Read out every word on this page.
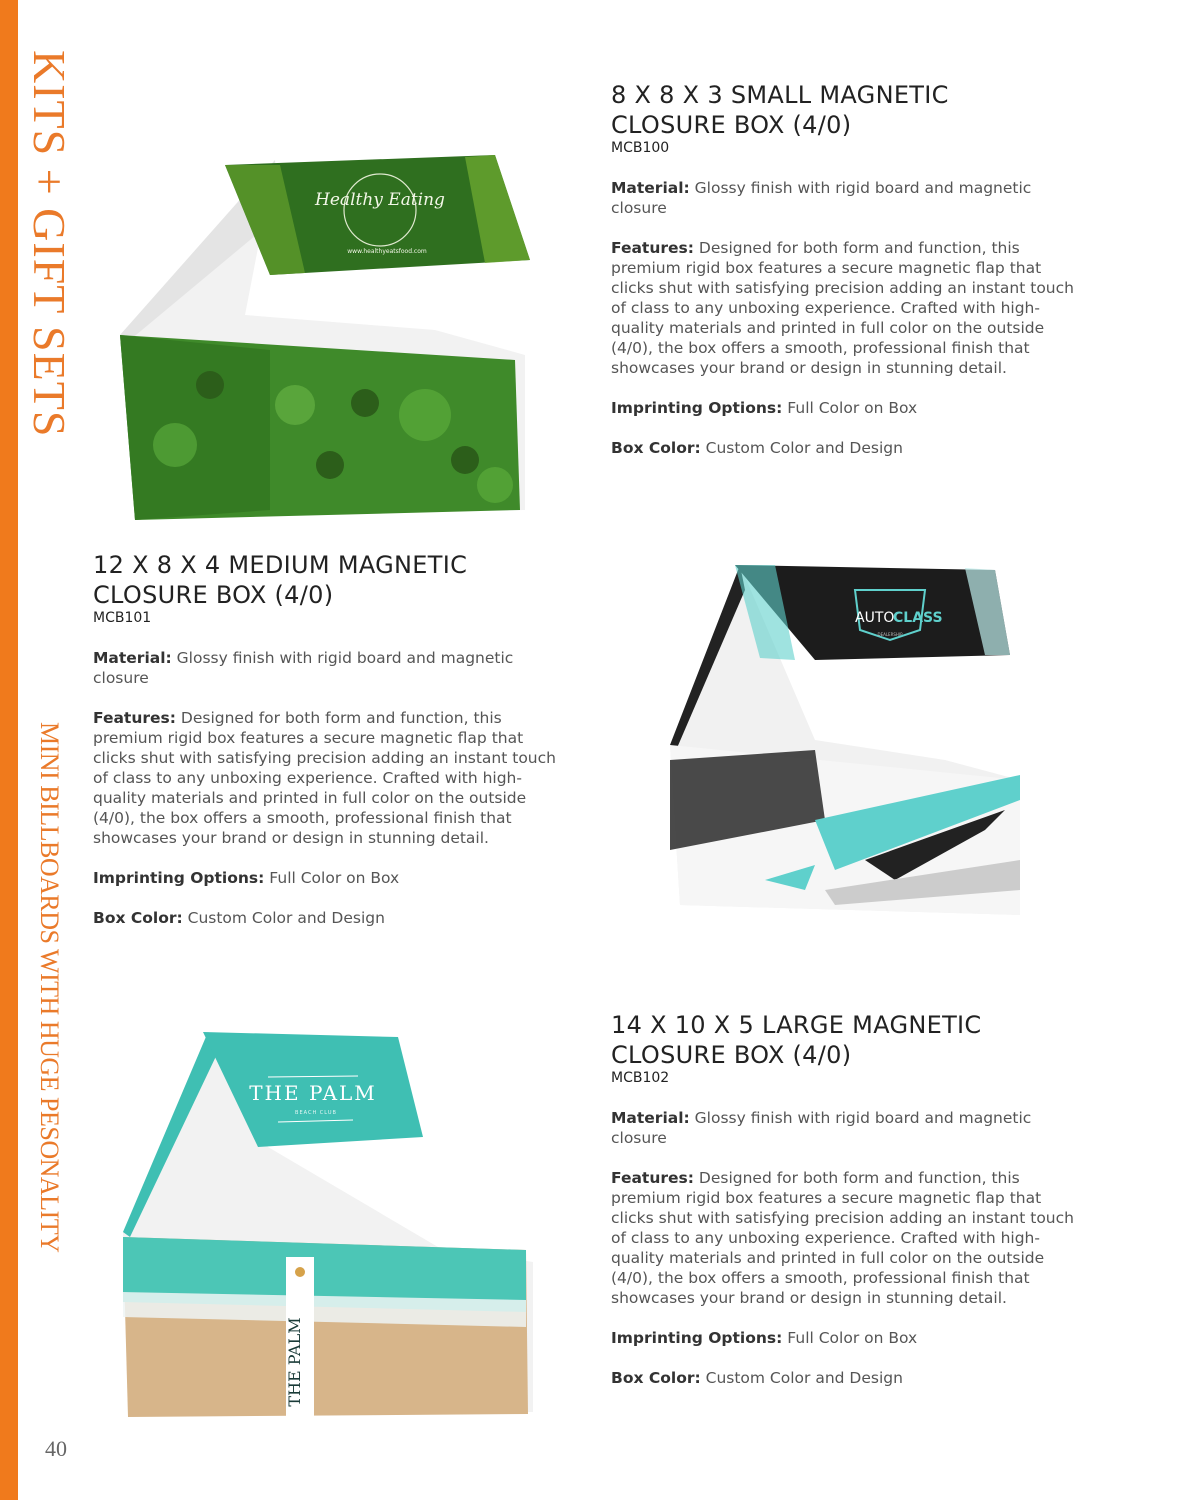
KITS + GIFT SETS
MINI BILLBOARDS WITH HUGE PESONALITY
40
Healthy Eating
www.healthyeatsfood.com
8 X 8 X 3 SMALL MAGNETIC
CLOSURE BOX (4/0)
MCB100

Material: Glossy finish with rigid board and magnetic closure

Features: Designed for both form and function, this premium rigid box features a secure magnetic flap that clicks shut with satisfying precision adding an instant touch of class to any unboxing experience. Crafted with high-quality materials and printed in full color on the outside (4/0), the box offers a smooth, professional finish that showcases your brand or design in stunning detail.

Imprinting Options: Full Color on Box

Box Color: Custom Color and Design

12 X 8 X 4 MEDIUM MAGNETIC
CLOSURE BOX (4/0)
MCB101

Material: Glossy finish with rigid board and magnetic closure

Features: Designed for both form and function, this premium rigid box features a secure magnetic flap that clicks shut with satisfying precision adding an instant touch of class to any unboxing experience. Crafted with high-quality materials and printed in full color on the outside (4/0), the box offers a smooth, professional finish that showcases your brand or design in stunning detail.

Imprinting Options: Full Color on Box

Box Color: Custom Color and Design

AUTO
CLASS
DEALERSHIP
THE PALM
BEACH CLUB
THE PALM
14 X 10 X 5 LARGE MAGNETIC
CLOSURE BOX (4/0)
MCB102

Material: Glossy finish with rigid board and magnetic closure

Features: Designed for both form and function, this premium rigid box features a secure magnetic flap that clicks shut with satisfying precision adding an instant touch of class to any unboxing experience. Crafted with high-quality materials and printed in full color on the outside (4/0), the box offers a smooth, professional finish that showcases your brand or design in stunning detail.

Imprinting Options: Full Color on Box

Box Color: Custom Color and Design
